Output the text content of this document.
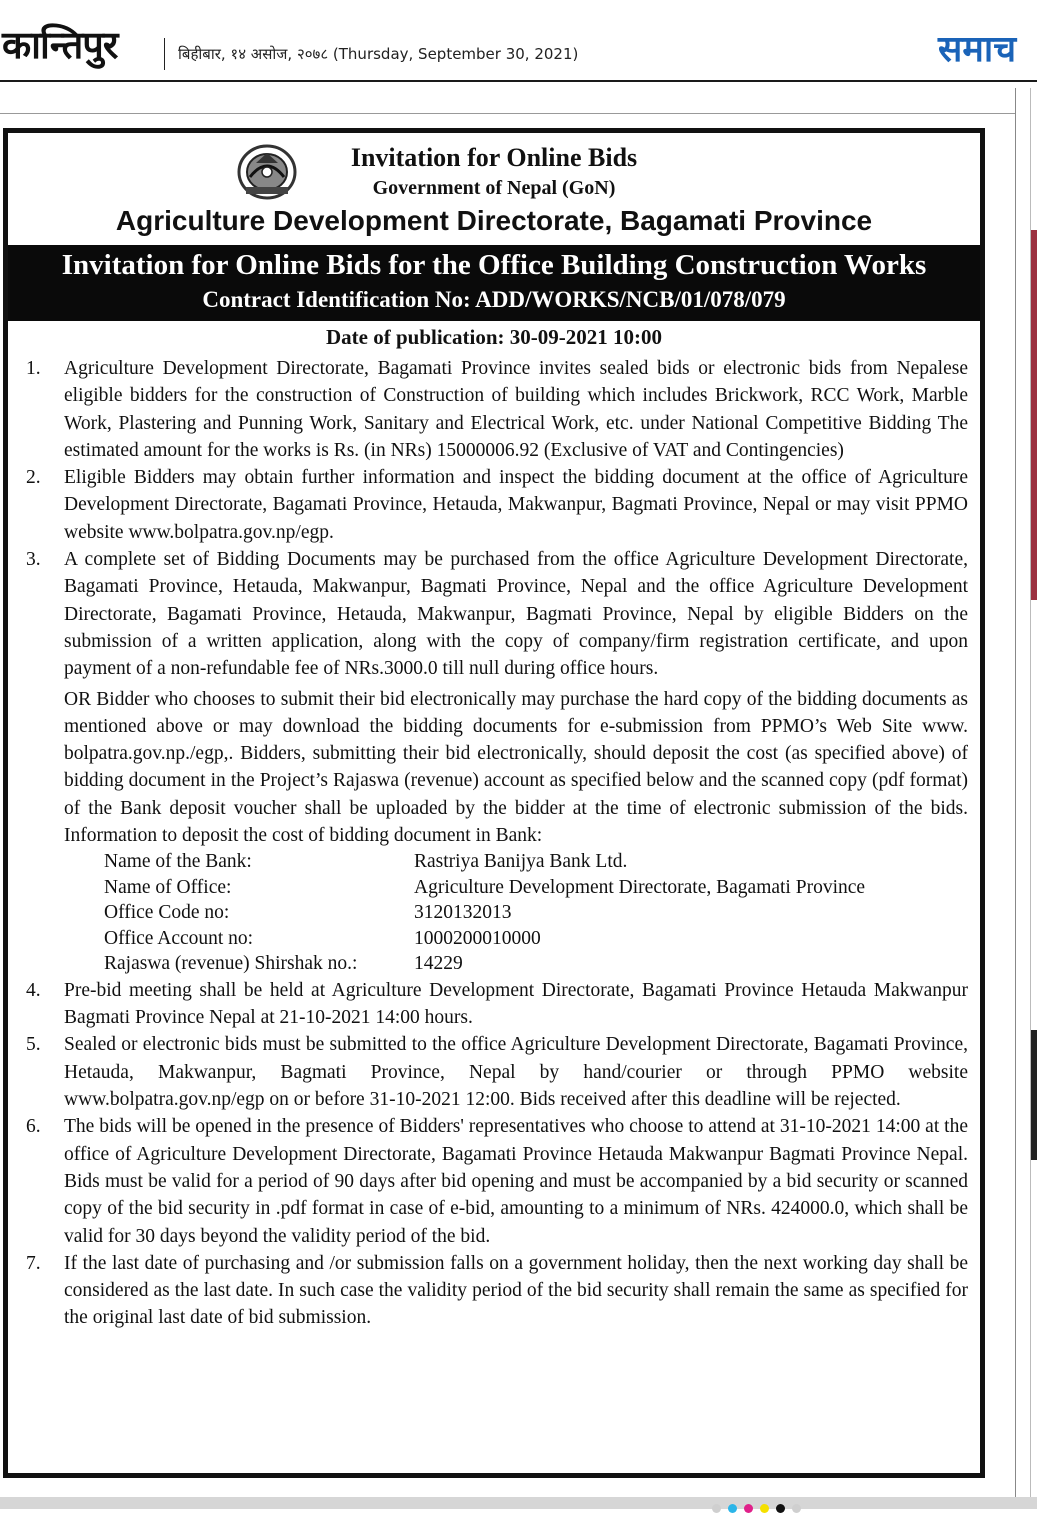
कान्तिपुर	बिहीबार, १४ असोज, २०७८ (Thursday, September 30, 2021)	समाच
Invitation for Online Bids
Government of Nepal (GoN)
Agriculture Development Directorate, Bagamati Province
Invitation for Online Bids for the Office Building Construction Works
Contract Identification No: ADD/WORKS/NCB/01/078/079
Date of publication: 30-09-2021 10:00
1. Agriculture Development Directorate, Bagamati Province invites sealed bids or electronic bids from Nepalese eligible bidders for the construction of Construction of building which includes Brickwork, RCC Work, Marble Work, Plastering and Punning Work, Sanitary and Electrical Work, etc. under National Competitive Bidding The estimated amount for the works is Rs. (in NRs) 15000006.92 (Exclusive of VAT and Contingencies)
2. Eligible Bidders may obtain further information and inspect the bidding document at the office of Agriculture Development Directorate, Bagamati Province, Hetauda, Makwanpur, Bagmati Province, Nepal or may visit PPMO website www.bolpatra.gov.np/egp.
3. A complete set of Bidding Documents may be purchased from the office Agriculture Development Directorate, Bagamati Province, Hetauda, Makwanpur, Bagmati Province, Nepal and the office Agriculture Development Directorate, Bagamati Province, Hetauda, Makwanpur, Bagmati Province, Nepal by eligible Bidders on the submission of a written application, along with the copy of company/firm registration certificate, and upon payment of a non-refundable fee of NRs.3000.0 till null during office hours.
OR Bidder who chooses to submit their bid electronically may purchase the hard copy of the bidding documents as mentioned above or may download the bidding documents for e-submission from PPMO’s Web Site www. bolpatra.gov.np./egp,. Bidders, submitting their bid electronically, should deposit the cost (as specified above) of bidding document in the Project’s Rajaswa (revenue) account as specified below and the scanned copy (pdf format) of the Bank deposit voucher shall be uploaded by the bidder at the time of electronic submission of the bids. Information to deposit the cost of bidding document in Bank:
Name of the Bank:	Rastriya Banijya Bank Ltd.
Name of Office:	Agriculture Development Directorate, Bagamati Province
Office Code no:	3120132013
Office Account no:	1000200010000
Rajaswa (revenue) Shirshak no.:	14229
4. Pre-bid meeting shall be held at Agriculture Development Directorate, Bagamati Province Hetauda Makwanpur Bagmati Province Nepal at 21-10-2021 14:00 hours.
5. Sealed or electronic bids must be submitted to the office Agriculture Development Directorate, Bagamati Province, Hetauda, Makwanpur, Bagmati Province, Nepal by hand/courier or through PPMO website www.bolpatra.gov.np/egp on or before 31-10-2021 12:00. Bids received after this deadline will be rejected.
6. The bids will be opened in the presence of Bidders' representatives who choose to attend at 31-10-2021 14:00 at the office of Agriculture Development Directorate, Bagamati Province Hetauda Makwanpur Bagmati Province Nepal. Bids must be valid for a period of 90 days after bid opening and must be accompanied by a bid security or scanned copy of the bid security in .pdf format in case of e-bid, amounting to a minimum of NRs. 424000.0, which shall be valid for 30 days beyond the validity period of the bid.
7. If the last date of purchasing and /or submission falls on a government holiday, then the next working day shall be considered as the last date. In such case the validity period of the bid security shall remain the same as specified for the original last date of bid submission.
